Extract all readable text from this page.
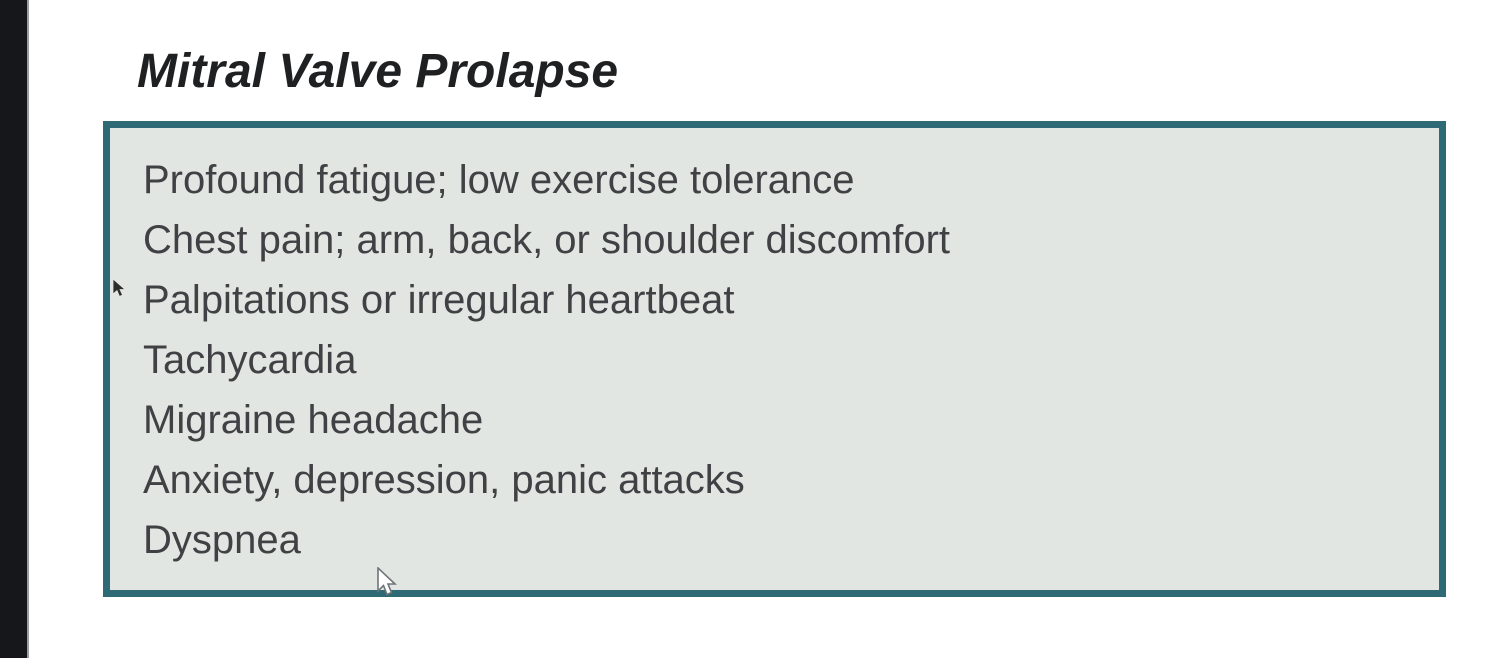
Mitral Valve Prolapse
Profound fatigue; low exercise tolerance
Chest pain; arm, back, or shoulder discomfort
Palpitations or irregular heartbeat
Tachycardia
Migraine headache
Anxiety, depression, panic attacks
Dyspnea
